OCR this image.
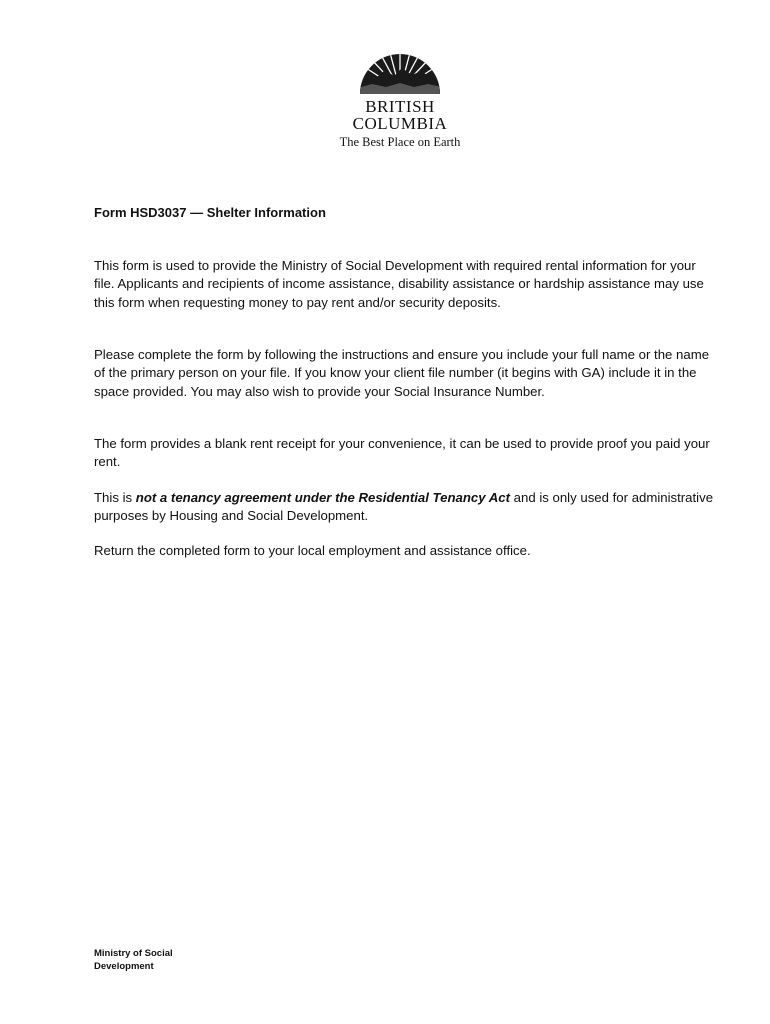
BRITISH
COLUMBIA
The Best Place on Earth
Form HSD3037 — Shelter Information

This form is used to provide the Ministry of Social Development with required rental information for your file. Applicants and recipients of income assistance, disability assistance or hardship assistance may use this form when requesting money to pay rent and/or security deposits.

Please complete the form by following the instructions and ensure you include your full name or the name of the primary person on your file. If you know your client file number (it begins with GA) include it in the space provided. You may also wish to provide your Social Insurance Number.

The form provides a blank rent receipt for your convenience, it can be used to provide proof you paid your rent.

This is not a tenancy agreement under the Residential Tenancy Act and is only used for administrative purposes by Housing and Social Development.

Return the completed form to your local employment and assistance office.

Ministry of Social
Development
